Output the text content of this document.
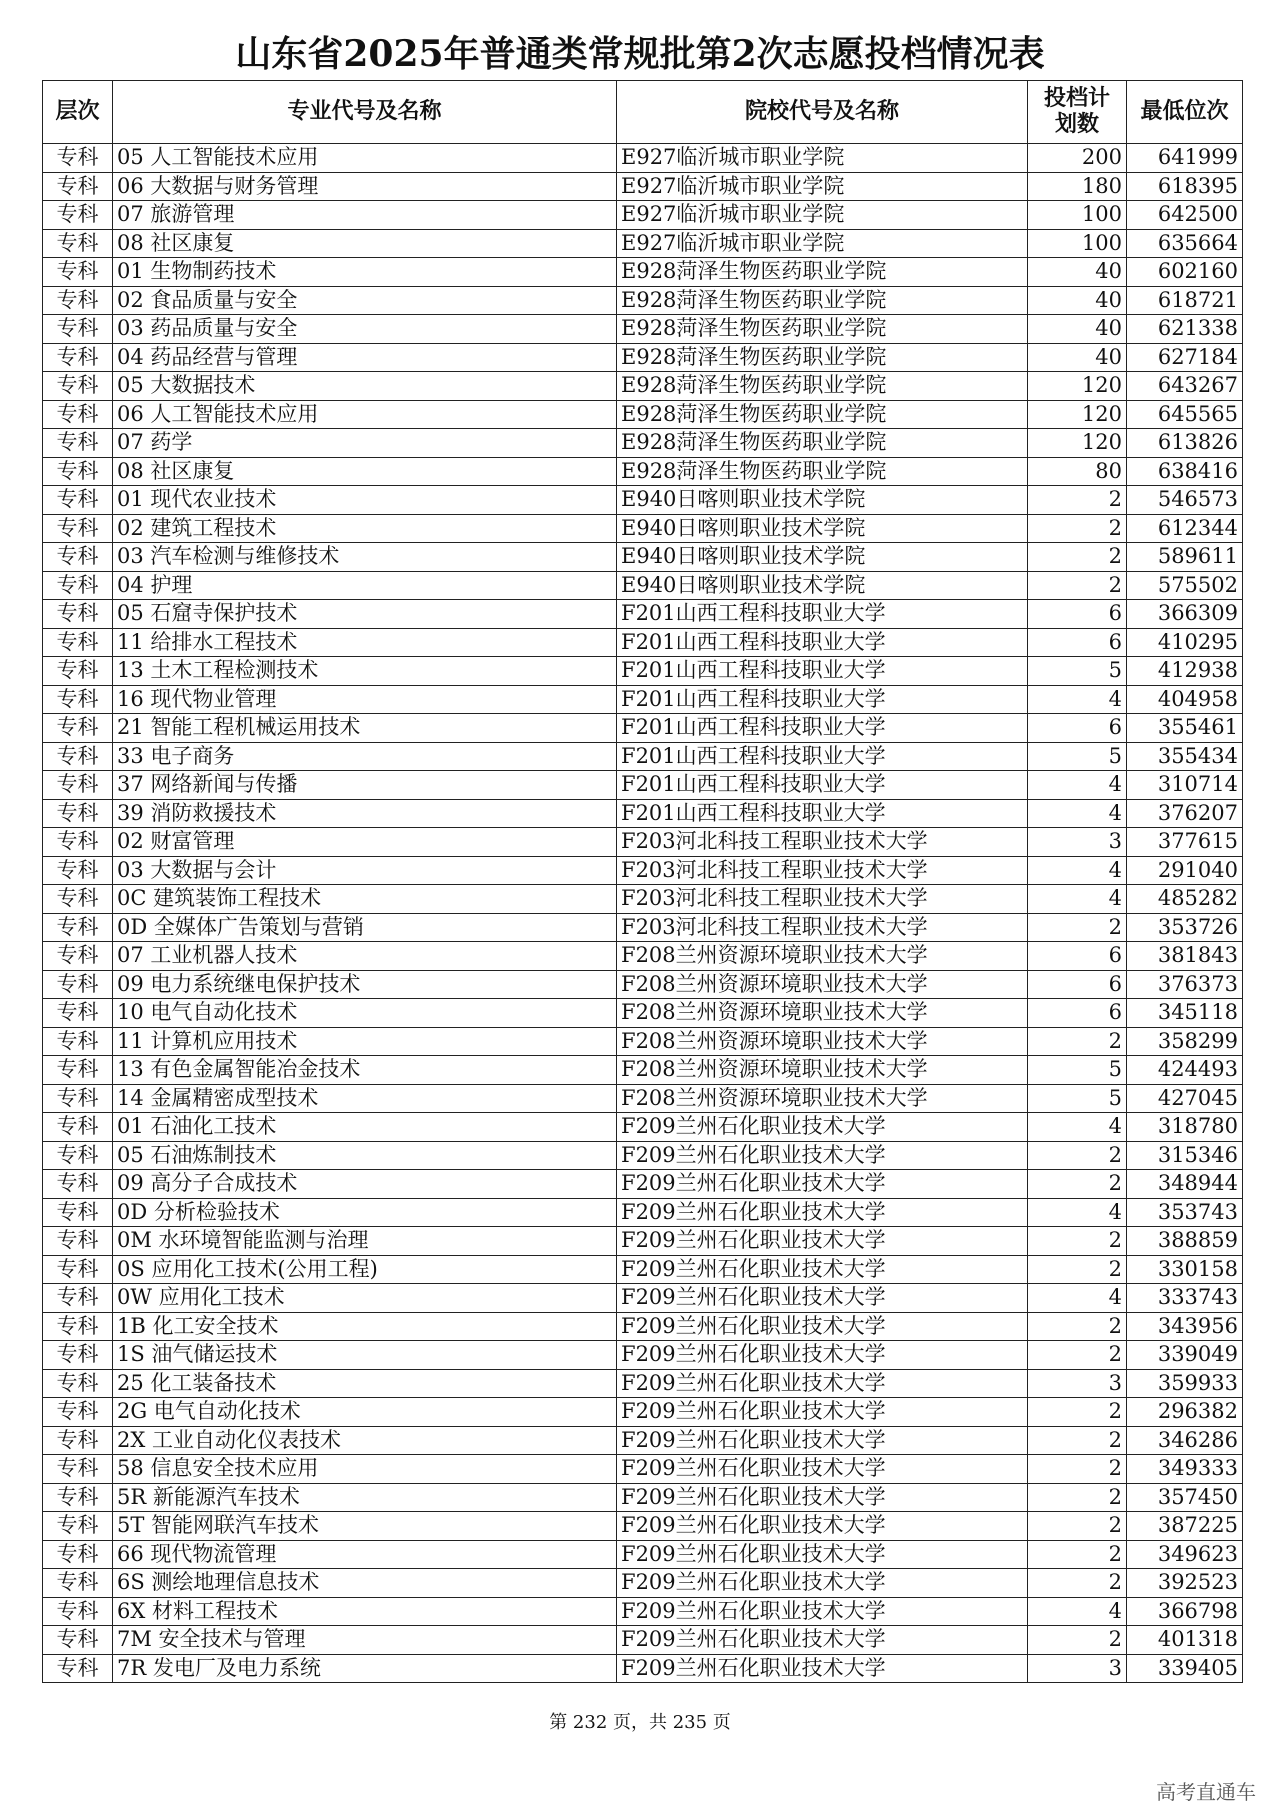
山东省2025年普通类常规批第2次志愿投档情况表
层次	专业代号及名称	院校代号及名称	投档计划数	最低位次
专科	05 人工智能技术应用	E927临沂城市职业学院	200	641999
专科	06 大数据与财务管理	E927临沂城市职业学院	180	618395
专科	07 旅游管理	E927临沂城市职业学院	100	642500
专科	08 社区康复	E927临沂城市职业学院	100	635664
专科	01 生物制药技术	E928菏泽生物医药职业学院	40	602160
专科	02 食品质量与安全	E928菏泽生物医药职业学院	40	618721
专科	03 药品质量与安全	E928菏泽生物医药职业学院	40	621338
专科	04 药品经营与管理	E928菏泽生物医药职业学院	40	627184
专科	05 大数据技术	E928菏泽生物医药职业学院	120	643267
专科	06 人工智能技术应用	E928菏泽生物医药职业学院	120	645565
专科	07 药学	E928菏泽生物医药职业学院	120	613826
专科	08 社区康复	E928菏泽生物医药职业学院	80	638416
专科	01 现代农业技术	E940日喀则职业技术学院	2	546573
专科	02 建筑工程技术	E940日喀则职业技术学院	2	612344
专科	03 汽车检测与维修技术	E940日喀则职业技术学院	2	589611
专科	04 护理	E940日喀则职业技术学院	2	575502
专科	05 石窟寺保护技术	F201山西工程科技职业大学	6	366309
专科	11 给排水工程技术	F201山西工程科技职业大学	6	410295
专科	13 土木工程检测技术	F201山西工程科技职业大学	5	412938
专科	16 现代物业管理	F201山西工程科技职业大学	4	404958
专科	21 智能工程机械运用技术	F201山西工程科技职业大学	6	355461
专科	33 电子商务	F201山西工程科技职业大学	5	355434
专科	37 网络新闻与传播	F201山西工程科技职业大学	4	310714
专科	39 消防救援技术	F201山西工程科技职业大学	4	376207
专科	02 财富管理	F203河北科技工程职业技术大学	3	377615
专科	03 大数据与会计	F203河北科技工程职业技术大学	4	291040
专科	0C 建筑装饰工程技术	F203河北科技工程职业技术大学	4	485282
专科	0D 全媒体广告策划与营销	F203河北科技工程职业技术大学	2	353726
专科	07 工业机器人技术	F208兰州资源环境职业技术大学	6	381843
专科	09 电力系统继电保护技术	F208兰州资源环境职业技术大学	6	376373
专科	10 电气自动化技术	F208兰州资源环境职业技术大学	6	345118
专科	11 计算机应用技术	F208兰州资源环境职业技术大学	2	358299
专科	13 有色金属智能冶金技术	F208兰州资源环境职业技术大学	5	424493
专科	14 金属精密成型技术	F208兰州资源环境职业技术大学	5	427045
专科	01 石油化工技术	F209兰州石化职业技术大学	4	318780
专科	05 石油炼制技术	F209兰州石化职业技术大学	2	315346
专科	09 高分子合成技术	F209兰州石化职业技术大学	2	348944
专科	0D 分析检验技术	F209兰州石化职业技术大学	4	353743
专科	0M 水环境智能监测与治理	F209兰州石化职业技术大学	2	388859
专科	0S 应用化工技术(公用工程)	F209兰州石化职业技术大学	2	330158
专科	0W 应用化工技术	F209兰州石化职业技术大学	4	333743
专科	1B 化工安全技术	F209兰州石化职业技术大学	2	343956
专科	1S 油气储运技术	F209兰州石化职业技术大学	2	339049
专科	25 化工装备技术	F209兰州石化职业技术大学	3	359933
专科	2G 电气自动化技术	F209兰州石化职业技术大学	2	296382
专科	2X 工业自动化仪表技术	F209兰州石化职业技术大学	2	346286
专科	58 信息安全技术应用	F209兰州石化职业技术大学	2	349333
专科	5R 新能源汽车技术	F209兰州石化职业技术大学	2	357450
专科	5T 智能网联汽车技术	F209兰州石化职业技术大学	2	387225
专科	66 现代物流管理	F209兰州石化职业技术大学	2	349623
专科	6S 测绘地理信息技术	F209兰州石化职业技术大学	2	392523
专科	6X 材料工程技术	F209兰州石化职业技术大学	4	366798
专科	7M 安全技术与管理	F209兰州石化职业技术大学	2	401318
专科	7R 发电厂及电力系统	F209兰州石化职业技术大学	3	339405
第 232 页，共 235 页
高考直通车
